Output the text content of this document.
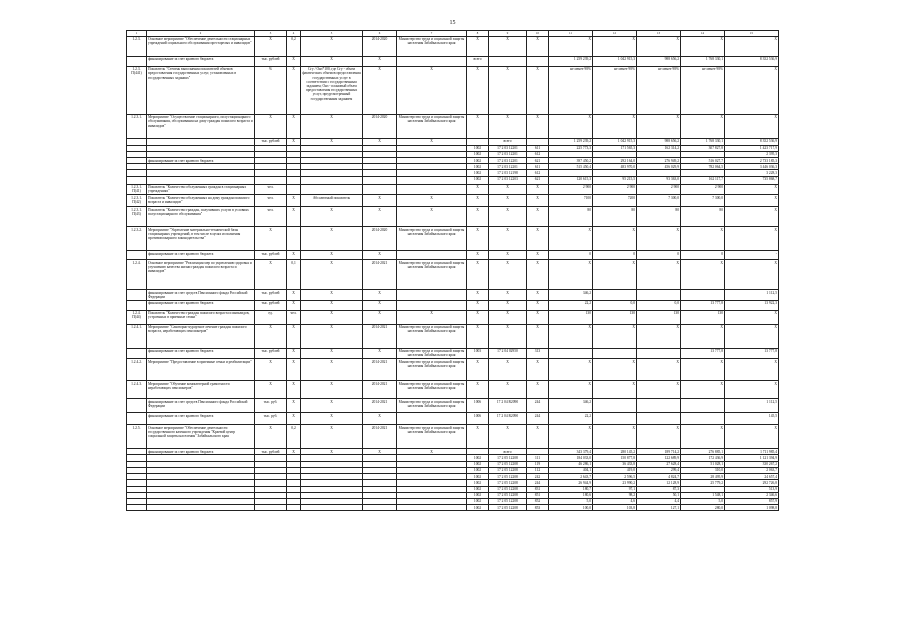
15
1	2	3	4	5	6	7	8	9	10	11	12	13	14	15
1.2.3.	Основное мероприятие "Обеспечение деятельности стационарных учреждений социального обслуживания престарелых и инвалидов"	X	0,2	X	2014-2020	Министерство труда и социальной защиты населения Забайкальского края	X	X	X	X	X	X	X	X
	финансирование за счет краевого бюджета	тыс. рублей	X	X	X		всего			1 259 239,2	1 042 915,3	988 656,2	1 768 330,1	8 352 536,9
1.2.3. П(441)	Показатель "Степень выполнения показателей объемов предоставления государственных услуг, установленных в государственных заданиях"	%	X	Сгу / Онз*100, где Сгу - объем фактических объемов предоставления государственных услуг в соответствии с государственным заданием; Онз - плановый объем предоставления государственных услуг, предусмотренный государственным заданием	X	X	X	X	X	не менее 98%	не менее 98%	не менее 98%	не менее 98%	X
1.2.3.1.	Мероприятие "Осуществление стационарного, полустационарного обслуживания, обслуживания на дому граждан пожилого возраста и инвалидов"	X	X	X	2014-2020	Министерство труда и социальной защиты населения Забайкальского края	X	X	X	X	X	X	X	X
		тыс. рублей	X	X	X	X		всего		1 259 239,2	1 042 915,3	988 656,2	1 768 330,1	8 352 536,9
							1002	17 2 03 12201	611	225 773,3	171 565,3	162 314,2	307 827,8	1 423 717,9
							1002	17 2 03 12201	612					2 395,3
	финансирование за счет краевого бюджета						1002	17 2 03 12201	621	397 450,2	292 164,0	276 949,2	516 027,7	2 733 185,3
							1002	17 2 03 12201	611	515 450,4	483 970,0	456 029,9	782 064,5	3 446 036,3
							1002	17 2 03 12198	612					3 228,3
							1002	17 2 03 12203	621	120 615,3	95 215,5	93 363,0	162 117,7	735 868,7
1.2.3.1. П(41)	Показатель "Количество обслуженных граждан в стационарных учреждениях"	чел.					X	X	X	2 900	2 900	2 900	2 900	X
1.2.3.1. П(42)	Показатель "Количество обслуженных на дому граждан пожилого возраста и инвалидов"	чел.	X	Абсолютный показатель	X	X	X	X	X	7100	7200	7 300,0	7 300,0	X
1.2.3.1. П(43)	Показатель "Количество граждан, получивших услуги в условиях полустационарного обслуживания"	чел.	X	X	X	X	X	X	X	80	80	80	80	X
1.2.3.2.	Мероприятие "Укрепление материально-технической базы стационарных учреждений, в том числе в целях исполнения противопожарного законодательства"	X		X	2014-2020	Министерство труда и социальной защиты населения Забайкальского края	X	X	X	X	X	X	X	X
	финансирование за счет краевого бюджета	тыс. рублей	X	X	X		X	X	X	0	0	0	0	-
1.2.4.	Основное мероприятие "Реализация мер по укреплению здоровья и улучшению качества жизни граждан пожилого возраста и инвалидов"	X	0,1	X	2014-2021	Министерство труда и социальной защиты населения Забайкальского края	X	X	X	X	X	X	X	X
	финансирование за счет средств Пенсионного фонда Российской Федерации	тыс. рублей	X	X	X		X	X	X	346,2				1 112,5
	финансирование за счет краевого бюджета	тыс. рублей	X	X	X		X	X	X	22,2	0,0	0,0	13 777,8	13 922,3
1.2.4. П(44)	Показатель "Количество граждан пожилого возраста и инвалидов, устроенных в приемные семьи"	ед.	чел.	X	X	X	X	X	X	130	130	130	130	X
1.2.4.1.	Мероприятие "Санаторно-курортное лечение граждан пожилого возраста, неработающих пенсионеров"	X	X	X	2014-2021	Министерство труда и социальной защиты населения Забайкальского края	X	X	X	X	X	X	X	X
	финансирование за счет краевого бюджета	тыс. рублей	X	X	X	Министерство труда и социальной защиты населения Забайкальского края	1003	17 2 04 02950	313				13 777,8	13 777,8
1.2.4.2.	Мероприятие "Предоставление в приемные семьи и реабилитации"	X	X	X	2014-2021	Министерство труда и социальной защиты населения Забайкальского края	X	X	X	X	X	X	X	X
1.2.4.3.	Мероприятие "Обучение компьютерной грамотности неработающих пенсионеров"	X	X	X	2014-2021	Министерство труда и социальной защиты населения Забайкальского края	X	X	X	X	X	X	X	X
	финансирование за счет средств Пенсионного фонда Российской Федерации	тыс. руб.	X	X	2014-2021	Министерство труда и социальной защиты населения Забайкальского края	1006	17 2 04 R2090	244	346,2				1 112,5
	финансирование за счет краевого бюджета	тыс. руб.	X	X	X		1006	17 2 04 R2090	244	22,2				145,5
1.2.5.	Основное мероприятие "Обеспечение деятельности государственного казенного учреждения "Краевой центр социальной защиты населения" Забайкальского края	X	0,2	X	2014-2021	Министерство труда и социальной защиты населения Забайкальского края	X	X	X	X	X	X	X	X
	финансирование за счет краевого бюджета	тыс. рублей	X	X	X	X		всего		343 379,4	280 145,2	189 714,2	276 885,1	1 711 985,4
							1002	17 2 05 12208	111	184 033,0	150 877,8	122 689,9	172 436,9	1 121 394,9
							1002	17 2 05 12208	119	46 286,1	36 433,8	27 628,4	51 028,1	330 267,2
							1002	17 2 05 12208	112	404,1	419,0	299,4	310,0	2 063,7
							1002	17 2 05 12208	242	2 643,7	2 596,5	4 824,7	28 495,9	24 657,4
							1002	17 2 05 12208	244	26 944,9	23 990,2	12 128,9	25 779,2	292 726,8
							1002	17 2 05 12208	831	180,7	97,1	87,3		513,9
							1002	17 2 05 12208	851	180,6	98,2	50,1	1 548,1	2 346,6
							1002	17 2 05 12208	852	5,0	4,6	4,4	5,0	857,9
							1002	17 2 05 12208	853	100,0	103,8	127,1	280,0	1 098,8
